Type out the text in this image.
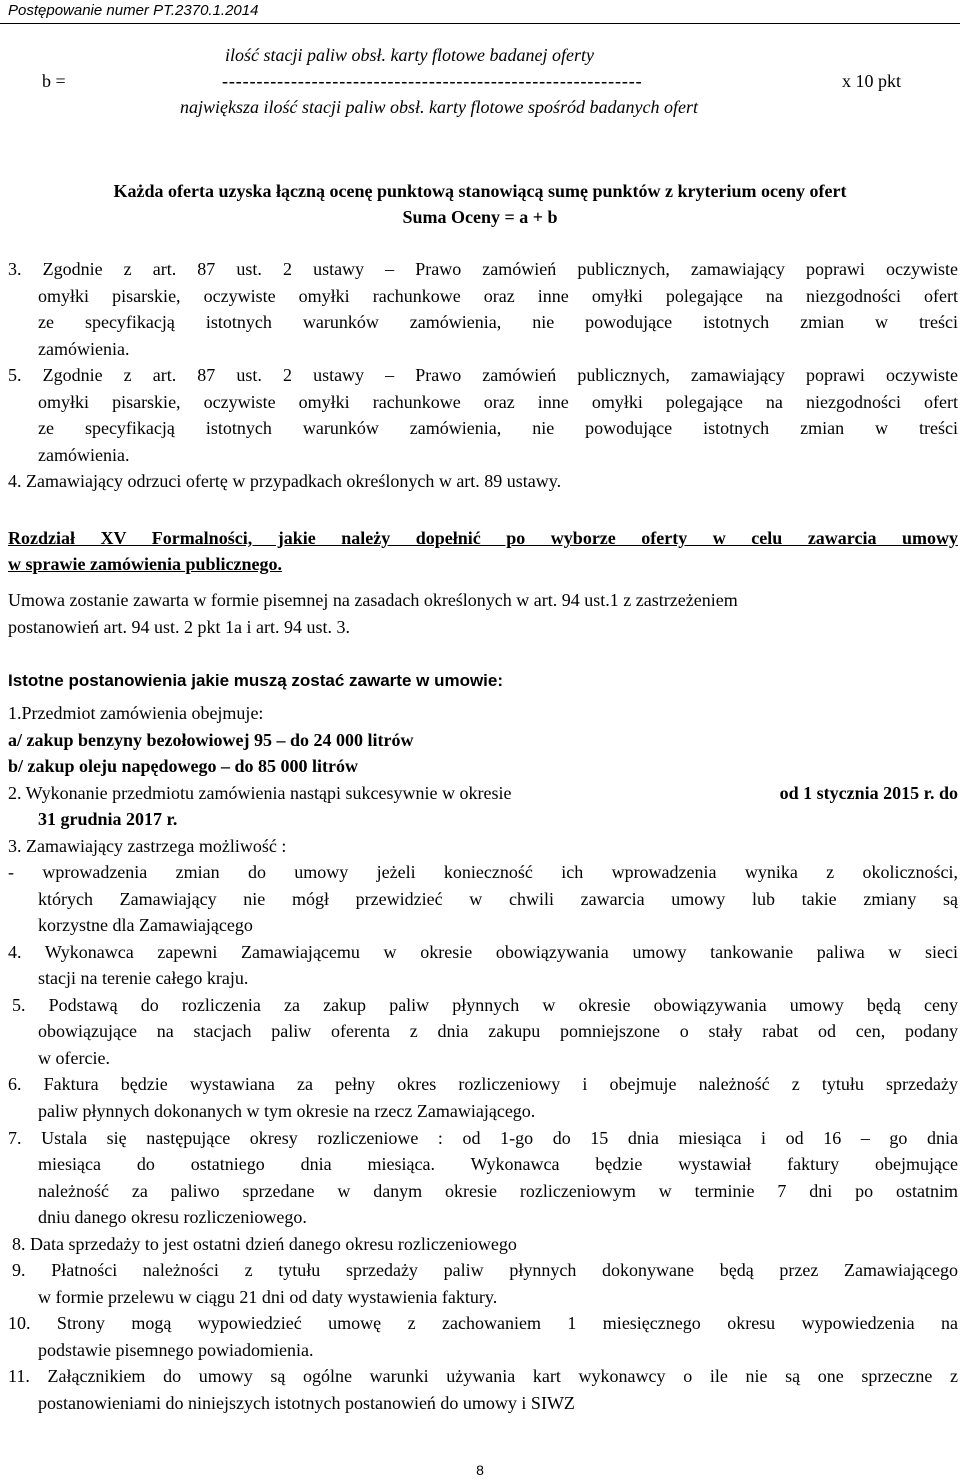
Postępowanie numer PT.2370.1.2014
ilość stacji paliw obsł. karty flotowe badanej oferty
b =	-------------------------------------------------------------	x 10 pkt
największa ilość stacji paliw obsł. karty flotowe spośród badanych ofert
Każda oferta uzyska łączną ocenę punktową stanowiącą sumę punktów z kryterium oceny ofert
Suma Oceny = a + b
3. Zgodnie z art. 87 ust. 2 ustawy – Prawo zamówień publicznych, zamawiający poprawi oczywiste
omyłki pisarskie, oczywiste omyłki rachunkowe oraz inne omyłki polegające na niezgodności ofert
ze specyfikacją istotnych warunków zamówienia, nie powodujące istotnych zmian w treści
zamówienia.
5. Zgodnie z art. 87 ust. 2 ustawy – Prawo zamówień publicznych, zamawiający poprawi oczywiste
omyłki pisarskie, oczywiste omyłki rachunkowe oraz inne omyłki polegające na niezgodności ofert
ze specyfikacją istotnych warunków zamówienia, nie powodujące istotnych zmian w treści
zamówienia.
4. Zamawiający odrzuci ofertę w przypadkach określonych w art. 89 ustawy.
Rozdział XV Formalności, jakie należy dopełnić po wyborze oferty w celu zawarcia umowy
w sprawie zamówienia publicznego.
Umowa zostanie zawarta w formie pisemnej na zasadach określonych w art. 94 ust.1 z zastrzeżeniem
postanowień art. 94 ust. 2 pkt 1a i art. 94 ust. 3.
Istotne postanowienia jakie muszą zostać zawarte w umowie:
1.Przedmiot zamówienia obejmuje:
a/ zakup benzyny bezołowiowej 95 – do 24 000 litrów
b/ zakup oleju napędowego – do 85 000 litrów
2. Wykonanie przedmiotu zamówienia nastąpi sukcesywnie w okresie	od 1 stycznia 2015 r. do
31 grudnia 2017 r.
3. Zamawiający zastrzega możliwość :
- wprowadzenia zmian do umowy jeżeli konieczność ich wprowadzenia wynika z okoliczności,
których Zamawiający nie mógł przewidzieć w chwili zawarcia umowy lub takie zmiany są
korzystne dla Zamawiającego
4. Wykonawca zapewni Zamawiającemu w okresie obowiązywania umowy tankowanie paliwa w sieci
stacji na terenie całego kraju.
5. Podstawą do rozliczenia za zakup paliw płynnych w okresie obowiązywania umowy będą ceny
obowiązujące na stacjach paliw oferenta z dnia zakupu pomniejszone o stały rabat od cen, podany
w ofercie.
6. Faktura będzie wystawiana za pełny okres rozliczeniowy i obejmuje należność z tytułu sprzedaży
paliw płynnych dokonanych w tym okresie na rzecz Zamawiającego.
7. Ustala się następujące okresy rozliczeniowe : od 1-go do 15 dnia miesiąca i od 16 – go dnia
miesiąca do ostatniego dnia miesiąca. Wykonawca będzie wystawiał faktury obejmujące
należność za paliwo sprzedane w danym okresie rozliczeniowym w terminie 7 dni po ostatnim
dniu danego okresu rozliczeniowego.
8. Data sprzedaży to jest ostatni dzień danego okresu rozliczeniowego
9. Płatności należności z tytułu sprzedaży paliw płynnych dokonywane będą przez Zamawiającego
w formie przelewu w ciągu 21 dni od daty wystawienia faktury.
10. Strony mogą wypowiedzieć umowę z zachowaniem 1 miesięcznego okresu wypowiedzenia na
podstawie pisemnego powiadomienia.
11. Załącznikiem do umowy są ogólne warunki używania kart wykonawcy o ile nie są one sprzeczne z
postanowieniami do niniejszych istotnych postanowień do umowy i SIWZ
8
